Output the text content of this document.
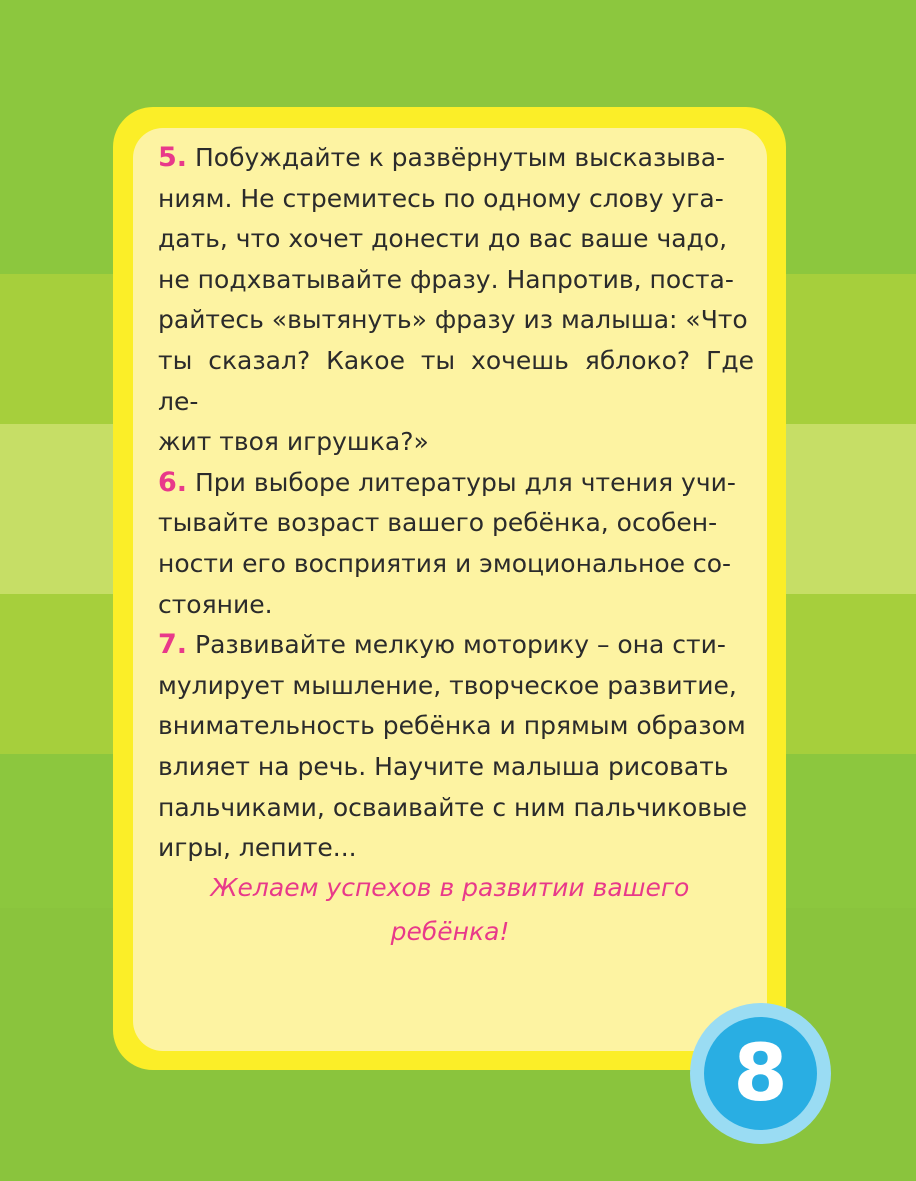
5. Побуждайте к развёрнутым высказыва-
ниям. Не стремитесь по одному слову уга-
дать, что хочет донести до вас ваше чадо,
не подхватывайте фразу. Напротив, поста-
райтесь «вытянуть» фразу из малыша: «Что
ты сказал? Какое ты хочешь яблоко? Где ле-
жит твоя игрушка?»

6. При выборе литературы для чтения учи-
тывайте возраст вашего ребёнка, особен-
ности его восприятия и эмоциональное со-
стояние.

7. Развивайте мелкую моторику – она сти-
мулирует мышление, творческое развитие,
внимательность ребёнка и прямым образом
влияет на речь. Научите малыша рисовать
пальчиками, осваивайте с ним пальчиковые
игры, лепите...

Желаем успехов в развитии вашего
ребёнка!
8
